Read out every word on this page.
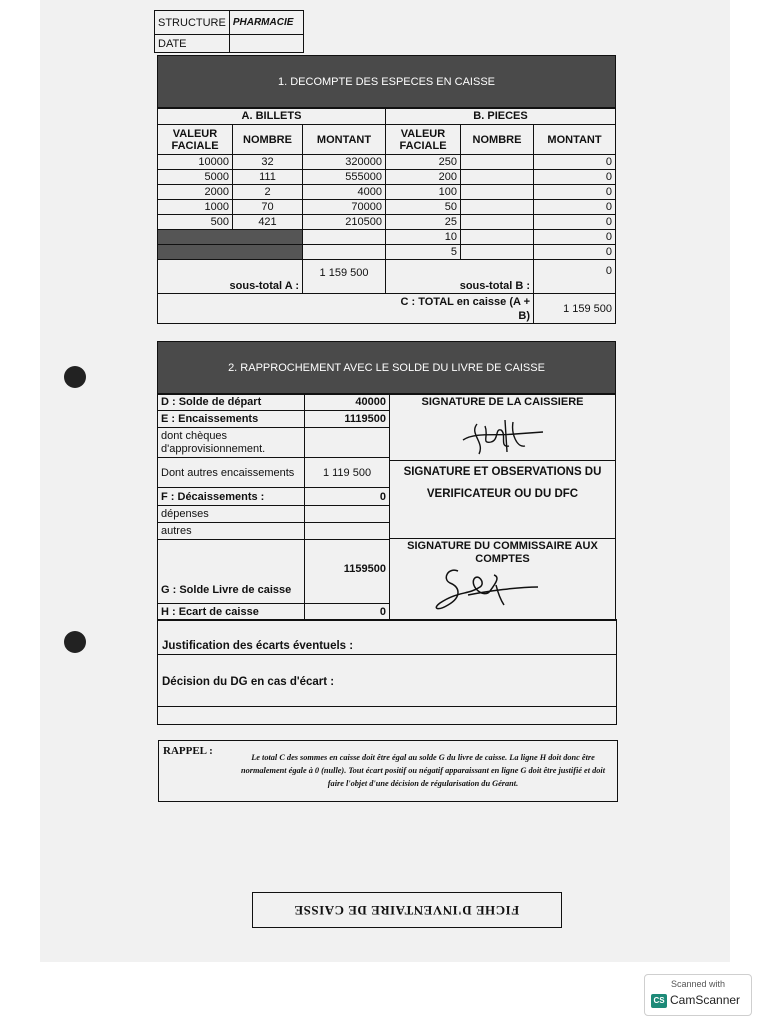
STRUCTURE	PHARMACIE
DATE	
1. DECOMPTE DES ESPECES EN CAISSE
A. BILLETS			B. PIECES		
VALEUR FACIALE	NOMBRE	MONTANT	VALEUR FACIALE	NOMBRE	MONTANT
10000	32	320000	250		0
5000	111	555000	200		0
2000	2	4000	100		0
1000	70	70000	50		0
500	421	210500	25		0
			10		0
			5		0
sous-total A :		1 159 500	sous-total B :		0
C : TOTAL en caisse (A + B)					1 159 500
2. RAPPROCHEMENT AVEC LE SOLDE DU LIVRE DE CAISSE
D : Solde de départ	40000
E : Encaissements	1119500
dont chèques d'approvisionnement.	
Dont autres encaissements	1 119 500
F : Décaissements :	0
dépenses	
autres	
G : Solde Livre de caisse	1159500
H : Ecart de caisse	0
SIGNATURE DE LA CAISSIERE
SIGNATURE ET OBSERVATIONS DU
VERIFICATEUR OU DU DFC
SIGNATURE DU COMMISSAIRE AUX COMPTES
Justification des écarts éventuels :
Décision du DG en cas d'écart :
RAPPEL :
Le total C des sommes en caisse doit être égal au solde G du livre de caisse. La ligne H doit donc être normalement égale à 0 (nulle). Tout écart positif ou négatif apparaissant en ligne G doit être justifié et doit faire l'objet d'une décision de régularisation du Gérant.
FICHE D'INVENTAIRE DE CAISSE
Scanned with
CS CamScanner
